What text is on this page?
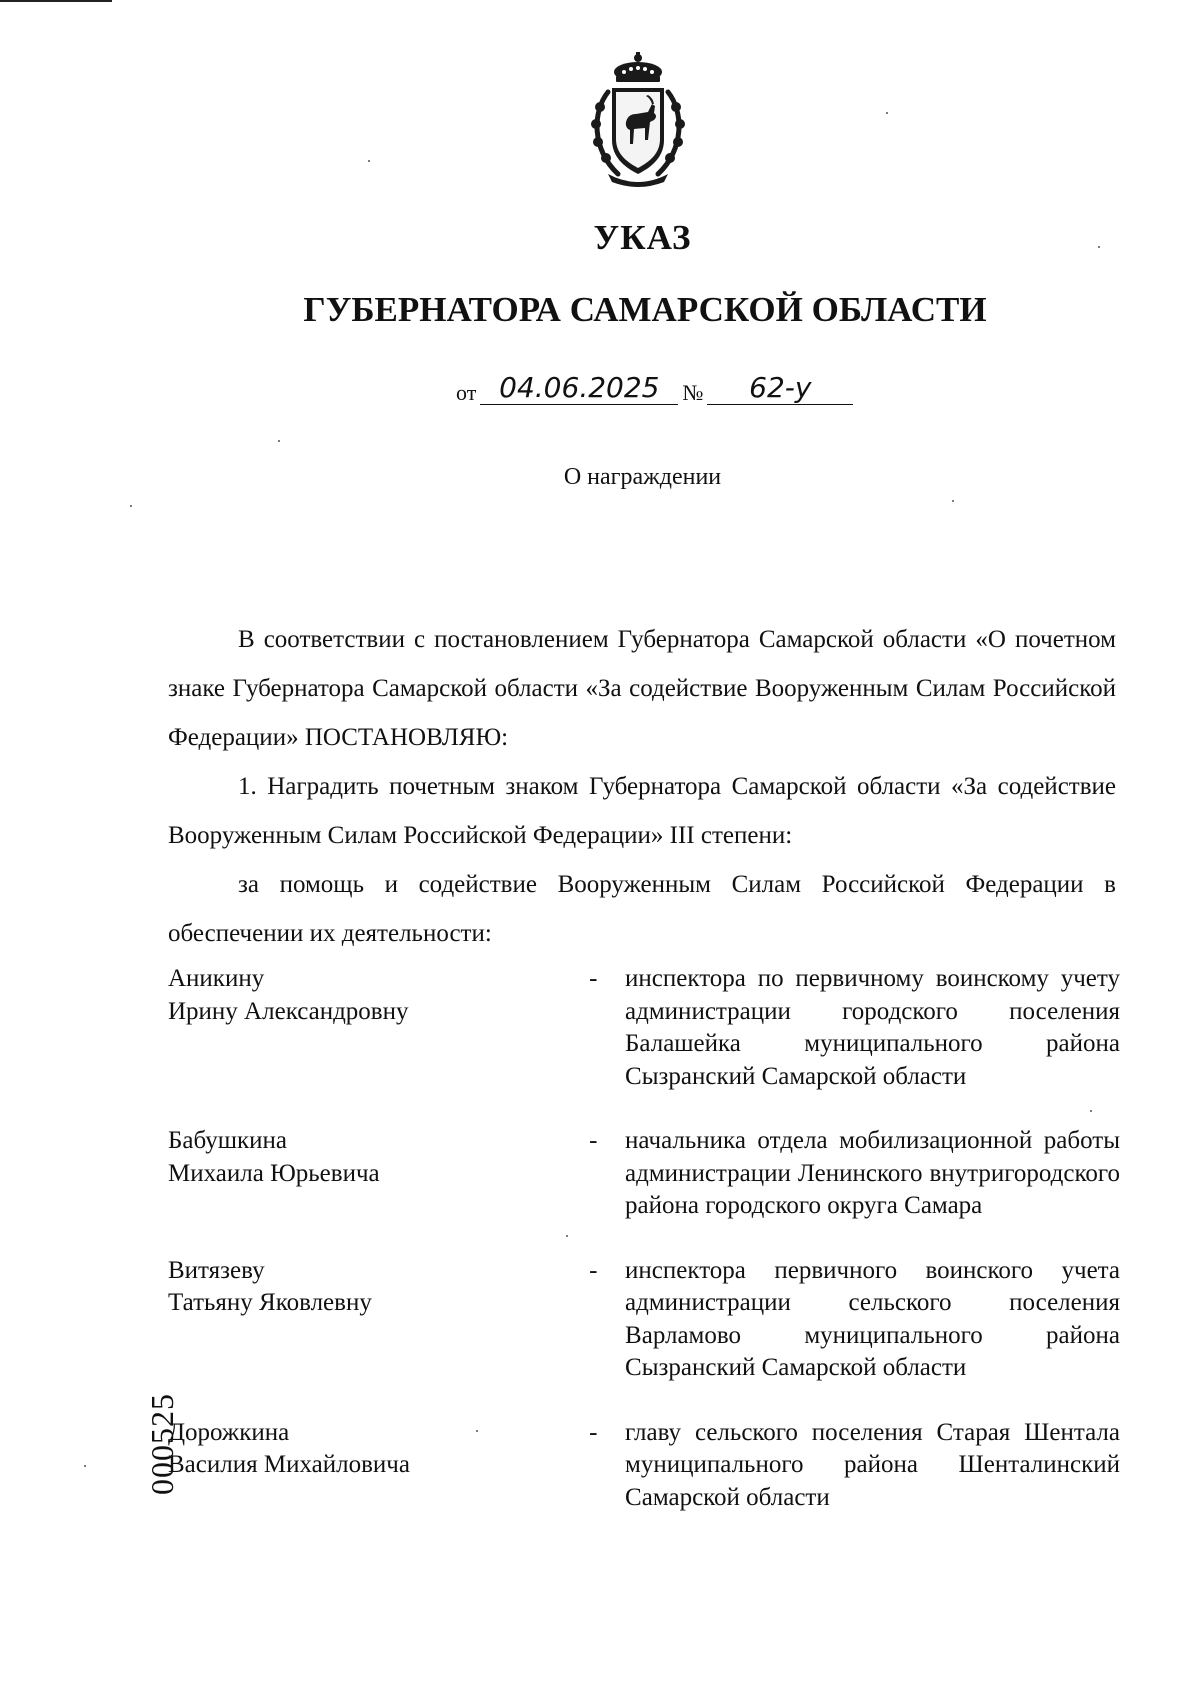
УКАЗ
ГУБЕРНАТОРА САМАРСКОЙ ОБЛАСТИ
от 04.06.2025	№	62-у
О награждении
В соответствии с постановлением Губернатора Самарской области «О почетном знаке Губернатора Самарской области «За содействие Вооруженным Силам Российской Федерации» ПОСТАНОВЛЯЮ:
1. Наградить почетным знаком Губернатора Самарской области «За содействие Вооруженным Силам Российской Федерации» III степени:
за помощь и содействие Вооруженным Силам Российской Федерации в обеспечении их деятельности:
Аникину
Ирину Александровну
-	инспектора по первичному воинскому учету администрации городского поселения Балашейка муниципального района Сызранский Самарской области
Бабушкина
Михаила Юрьевича
-	начальника отдела мобилизационной работы администрации Ленинского внутригородского района городского округа Самара
Витязеву
Татьяну Яковлевну
-	инспектора первичного воинского учета администрации сельского поселения Варламово муниципального района Сызранский Самарской области
Дорожкина
Василия Михайловича
-	главу сельского поселения Старая Шентала муниципального района Шенталинский Самарской области
000525
